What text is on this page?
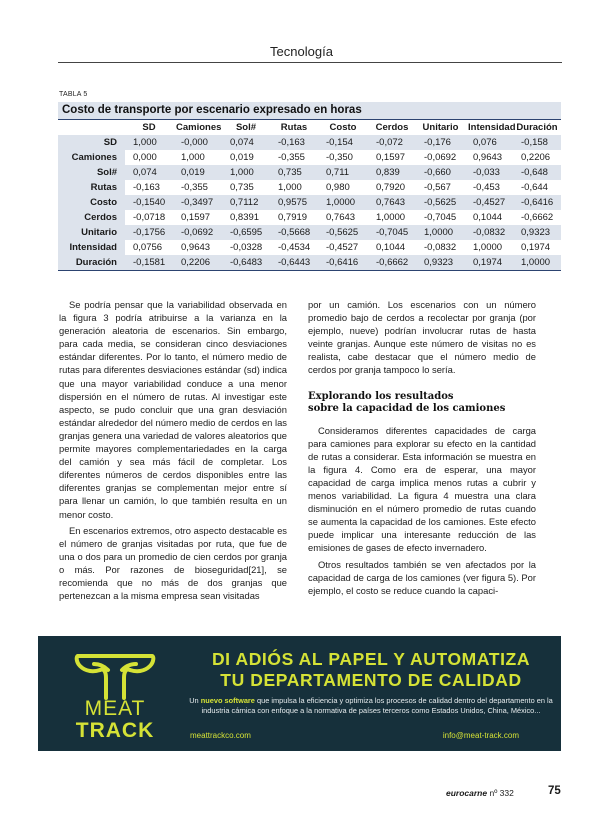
Tecnología
TABLA 5
Costo de transporte por escenario expresado en horas
	SD	Camiones	Sol#	Rutas	Costo	Cerdos	Unitario	Intensidad	Duración
SD	1,000	-0,000	0,074	-0,163	-0,154	-0,072	-0,176	0,076	-0,158
Camiones	0,000	1,000	0,019	-0,355	-0,350	0,1597	-0,0692	0,9643	0,2206
Sol#	0,074	0,019	1,000	0,735	0,711	0,839	-0,660	-0,033	-0,648
Rutas	-0,163	-0,355	0,735	1,000	0,980	0,7920	-0,567	-0,453	-0,644
Costo	-0,1540	-0,3497	0,7112	0,9575	1,0000	0,7643	-0,5625	-0,4527	-0,6416
Cerdos	-0,0718	0,1597	0,8391	0,7919	0,7643	1,0000	-0,7045	0,1044	-0,6662
Unitario	-0,1756	-0,0692	-0,6595	-0,5668	-0,5625	-0,7045	1,0000	-0,0832	0,9323
Intensidad	0,0756	0,9643	-0,0328	-0,4534	-0,4527	0,1044	-0,0832	1,0000	0,1974
Duración	-0,1581	0,2206	-0,6483	-0,6443	-0,6416	-0,6662	0,9323	0,1974	1,0000

Se podría pensar que la variabilidad observada en la figura 3 podría atribuirse a la varianza en la generación aleatoria de escenarios. Sin embargo, para cada media, se consideran cinco desviaciones estándar diferentes. Por lo tanto, el número medio de rutas para diferentes desviaciones estándar (sd) indica que una mayor variabilidad conduce a una menor dispersión en el número de rutas. Al investigar este aspecto, se pudo concluir que una gran desviación estándar alrededor del número medio de cerdos en las granjas genera una variedad de valores aleatorios que permite mayores complementariedades en la carga del camión y sea más fácil de completar. Los diferentes números de cerdos disponibles entre las diferentes granjas se complementan mejor entre sí para llenar un camión, lo que también resulta en un menor costo.

En escenarios extremos, otro aspecto destacable es el número de granjas visitadas por ruta, que fue de una o dos para un promedio de cien cerdos por granja o más. Por razones de bioseguridad[21], se recomienda que no más de dos granjas que pertenezcan a la misma empresa sean visitadas

por un camión. Los escenarios con un número promedio bajo de cerdos a recolectar por granja (por ejemplo, nueve) podrían involucrar rutas de hasta veinte granjas. Aunque este número de visitas no es realista, cabe destacar que el número medio de cerdos por granja tampoco lo sería.

Explorando los resultados
sobre la capacidad de los camiones

Consideramos diferentes capacidades de carga para camiones para explorar su efecto en la cantidad de rutas a considerar. Esta información se muestra en la figura 4. Como era de esperar, una mayor capacidad de carga implica menos rutas a cubrir y menos variabilidad. La figura 4 muestra una clara disminución en el número promedio de rutas cuando se aumenta la capacidad de los camiones. Este efecto puede implicar una interesante reducción de las emisiones de gases de efecto invernadero.

Otros resultados también se ven afectados por la capacidad de carga de los camiones (ver figura 5). Por ejemplo, el costo se reduce cuando la capaci-

MEAT
TRACK
DI ADIÓS AL PAPEL Y AUTOMATIZA
TU DEPARTAMENTO DE CALIDAD
Un nuevo software que impulsa la eficiencia y optimiza los procesos de calidad dentro del departamento en la industria cárnica con enfoque a la normativa de países terceros como Estados Unidos, China, México...
meattrackco.com	info@meat-track.com
eurocarne nº 332	75
